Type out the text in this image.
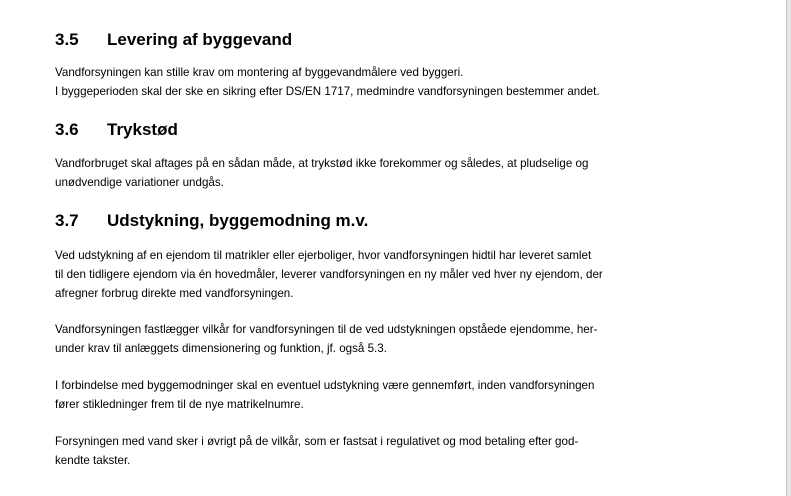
3.5 Levering af byggevand

Vandforsyningen kan stille krav om montering af byggevandmålere ved byggeri.
I byggeperioden skal der ske en sikring efter DS/EN 1717, medmindre vandforsyningen bestemmer andet.

3.6 Trykstød

Vandforbruget skal aftages på en sådan måde, at trykstød ikke forekommer og således, at pludselige og
unødvendige variationer undgås.

3.7 Udstykning, byggemodning m.v.

Ved udstykning af en ejendom til matrikler eller ejerboliger, hvor vandforsyningen hidtil har leveret samlet
til den tidligere ejendom via én hovedmåler, leverer vandforsyningen en ny måler ved hver ny ejendom, der
afregner forbrug direkte med vandforsyningen.

Vandforsyningen fastlægger vilkår for vandforsyningen til de ved udstykningen opståede ejendomme, her-
under krav til anlæggets dimensionering og funktion, jf. også 5.3.

I forbindelse med byggemodninger skal en eventuel udstykning være gennemført, inden vandforsyningen
fører stikledninger frem til de nye matrikelnumre.

Forsyningen med vand sker i øvrigt på de vilkår, som er fastsat i regulativet og mod betaling efter god-
kendte takster.
